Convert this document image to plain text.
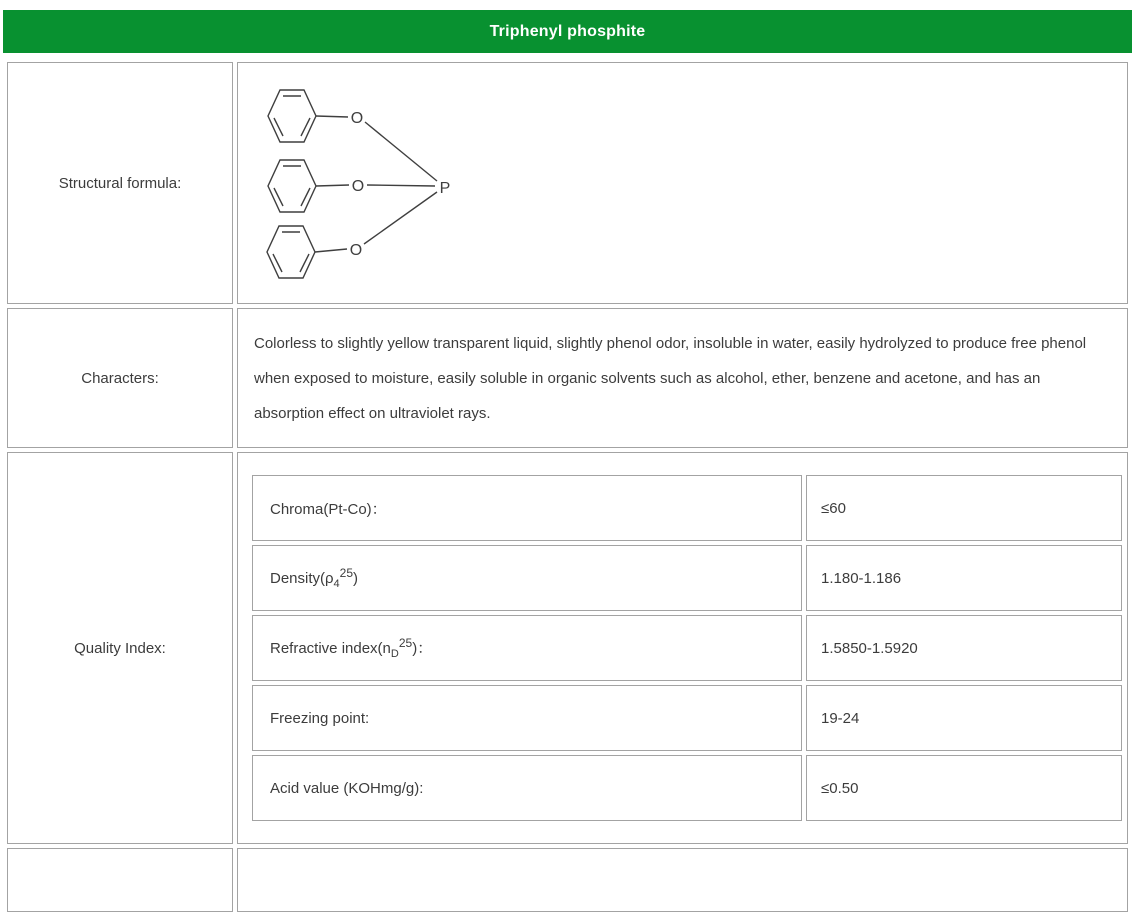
Triphenyl phosphite
Structural formula:	
O
O
O
P

Characters:	Colorless to slightly yellow transparent liquid, slightly phenol odor, insoluble in water, easily hydrolyzed to produce free phenol when exposed to moisture, easily soluble in organic solvents such as alcohol, ether, benzene and acetone, and has an absorption effect on ultraviolet rays.
Quality Index:	
Chroma(Pt-Co)：	≤60
$Density(\rho_4^{25})$	1.180-1.186
Refractive $index(n_D^{25})$：	1.5850-1.5920
Freezing point:	19-24
Acid value (KOHmg/g):	≤0.50
